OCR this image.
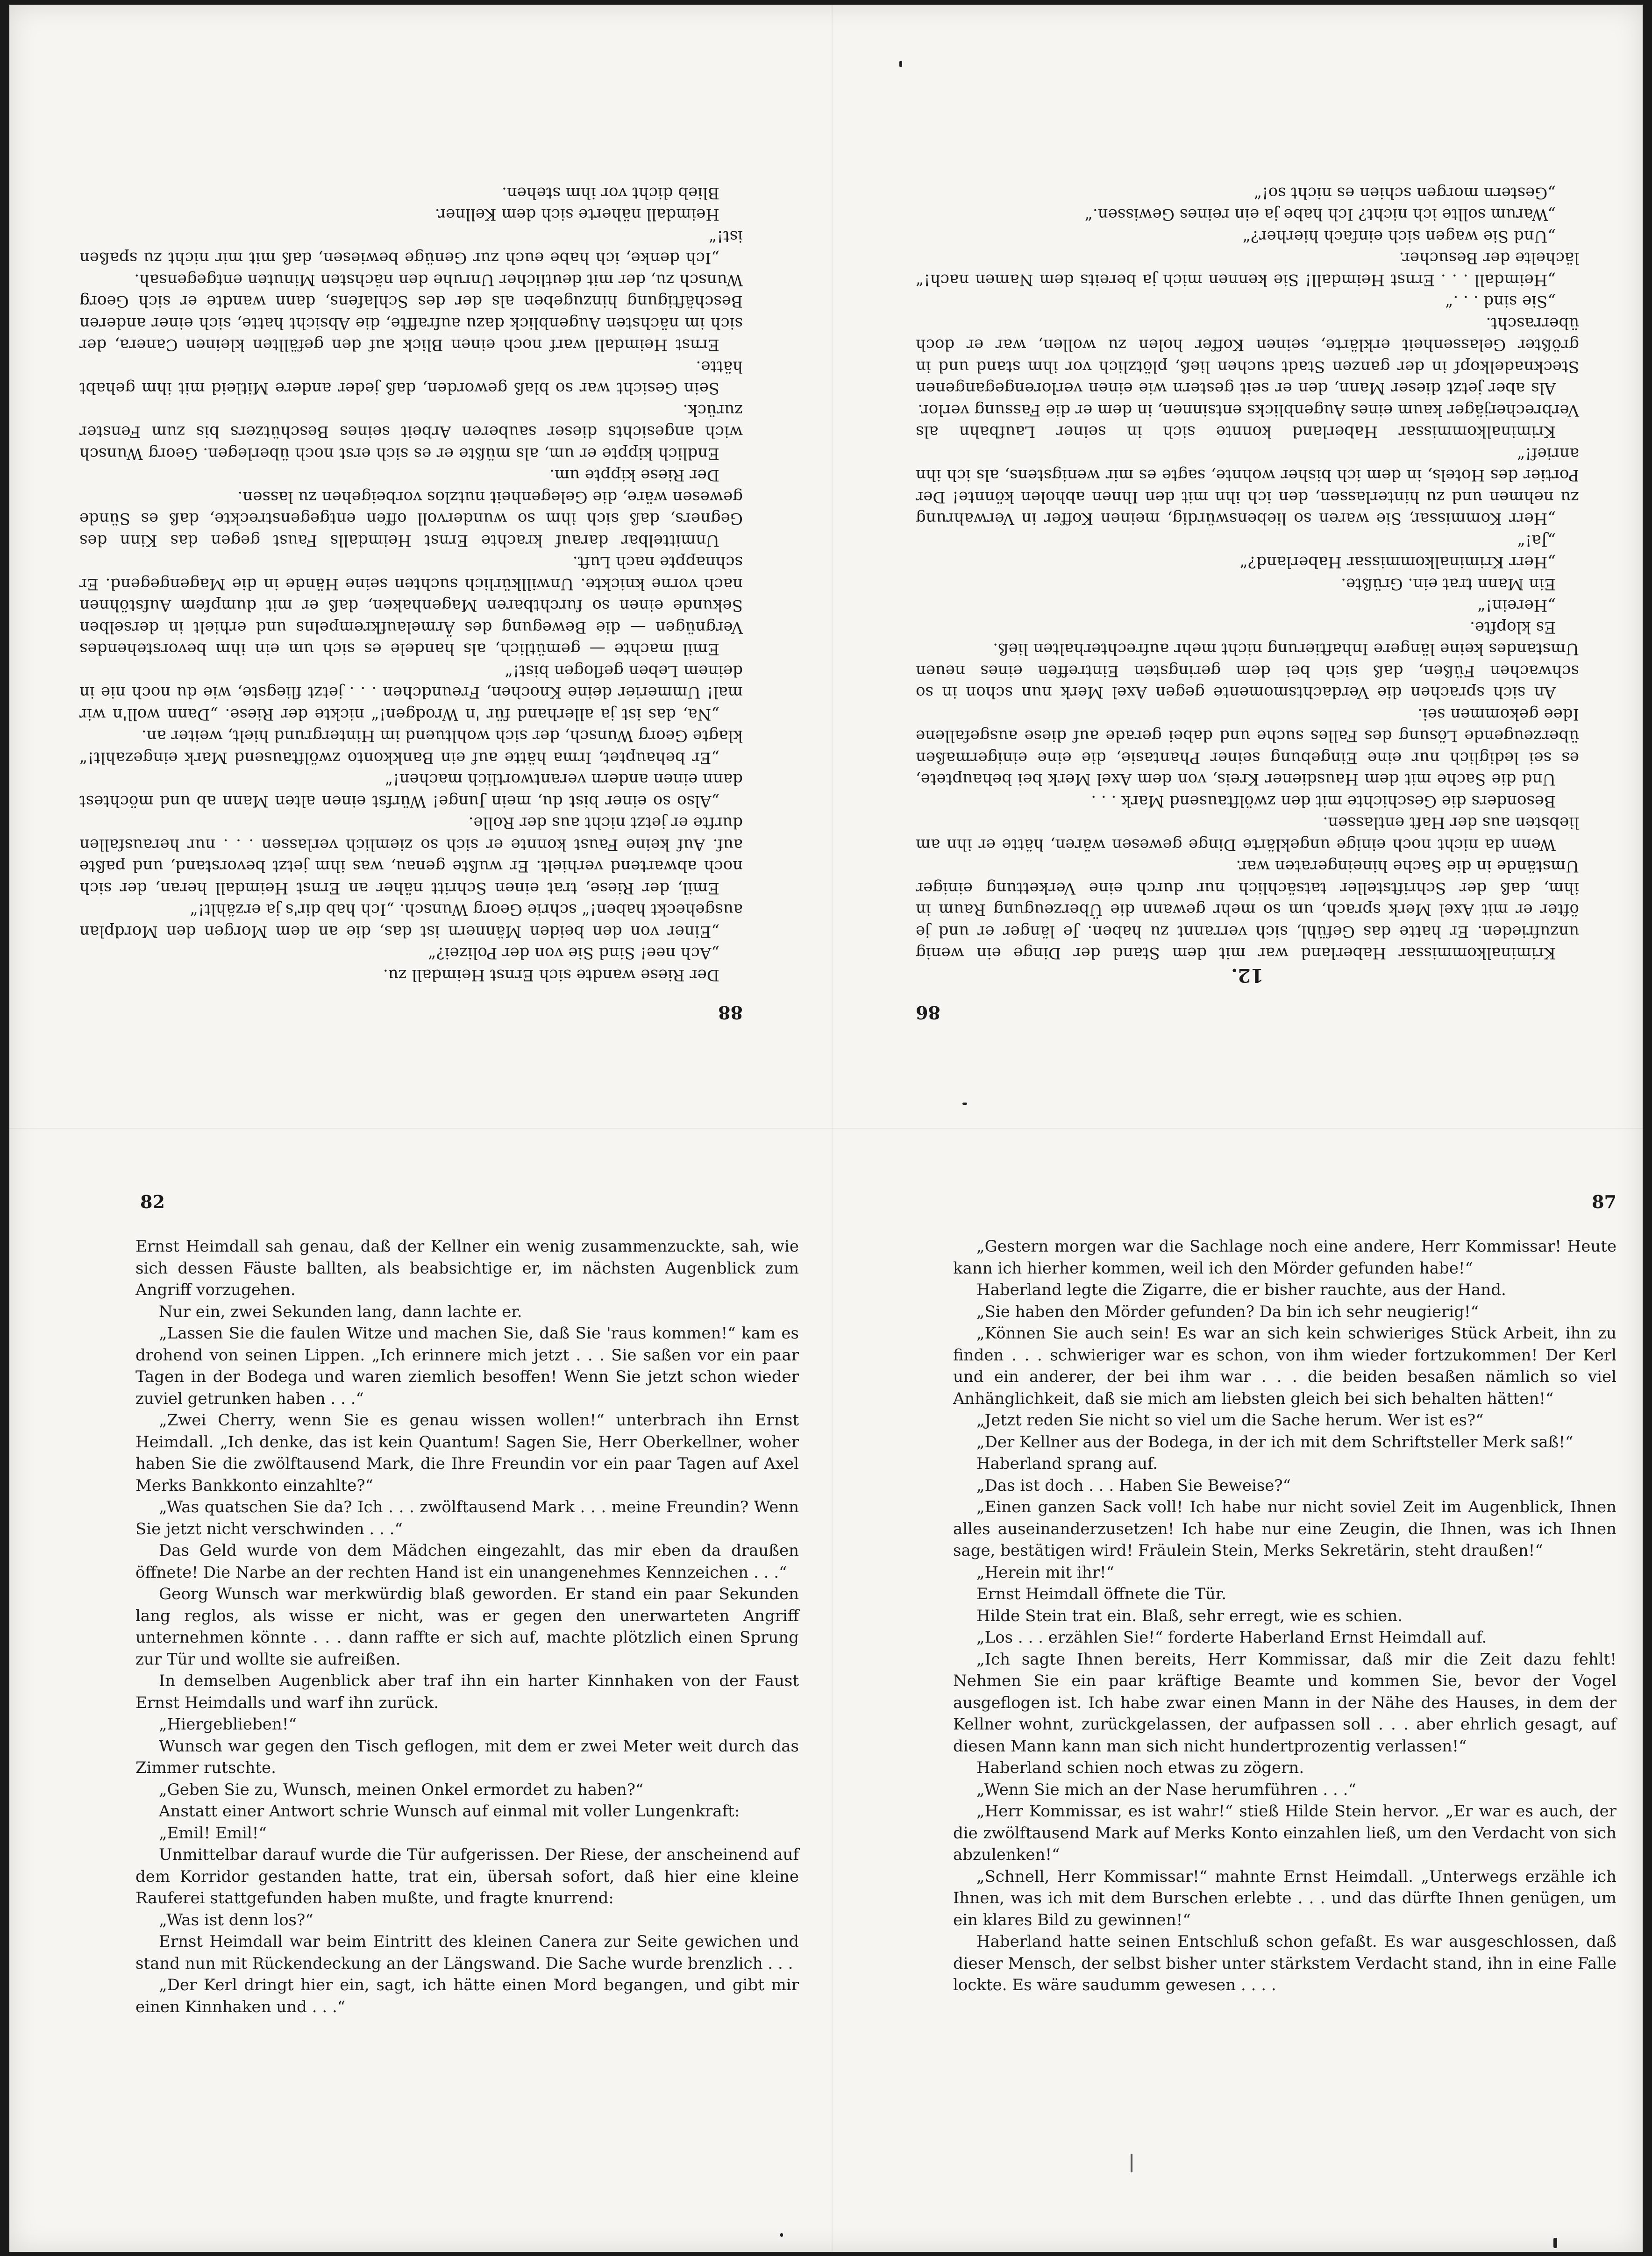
88

Der Riese wandte sich Ernst Heimdall zu.

„Ach nee! Sind Sie von der Polizei?“

„Einer von den beiden Männern ist das, die an dem Morgen den Mordplan ausgeheckt haben!“ schrie Georg Wunsch. „Ich hab dir's ja erzählt!“

Emil, der Riese, trat einen Schritt näher an Ernst Heimdall heran, der sich noch abwartend verhielt. Er wußte genau, was ihm jetzt bevorstand, und paßte auf. Auf keine Faust konnte er sich so ziemlich verlassen . . . nur herausfallen durfte er jetzt nicht aus der Rolle.

„Also so einer bist du, mein Junge! Würfst einen alten Mann ab und möchtest dann einen andern verantwortlich machen!“

„Er behauptet, Irma hätte auf ein Bankkonto zwölftausend Mark eingezahlt!“ klagte Georg Wunsch, der sich wohltuend im Hintergrund hielt, weiter an.

„Na, das ist ja allerhand für 'n Wrodgen!“ nickte der Riese. „Dann woll'n wir mal! Ummerier deine Knochen, Freundchen . . . jetzt fliegste, wie du noch nie in deinem Leben geflogen bist!“

Emil machte — gemütlich, als handele es sich um ein ihm bevorstehendes Vergnügen — die Bewegung des Ärmelaufkrempelns und erhielt in derselben Sekunde einen so furchtbaren Magenhaken, daß er mit dumpfem Aufstöhnen nach vorne knickte. Unwillkürlich suchten seine Hände in die Magengegend. Er schnappte nach Luft.

Unmittelbar darauf krachte Ernst Heimdalls Faust gegen das Kinn des Gegners, daß sich ihm so wundervoll offen entgegenstreckte, daß es Sünde gewesen wäre, die Gelegenheit nutzlos vorbeigehen zu lassen.

Der Riese kippte um.

Endlich kippte er um, als müßte er es sich erst noch überlegen. Georg Wunsch wich angesichts dieser sauberen Arbeit seines Beschützers bis zum Fenster zurück.

Sein Gesicht war so blaß geworden, daß jeder andere Mitleid mit ihm gehabt hätte.

Ernst Heimdall warf noch einen Blick auf den gefällten kleinen Canera, der sich im nächsten Augenblick dazu aufraffte, die Absicht hatte, sich einer anderen Beschäftigung hinzugeben als der des Schlafens, dann wandte er sich Georg Wunsch zu, der mit deutlicher Unruhe den nächsten Minuten entgegensah.

„Ich denke, ich habe euch zur Genüge bewiesen, daß mit mir nicht zu spaßen ist!“

Heimdall näherte sich dem Kellner.

Blieb dicht vor ihm stehen.

86

12.

Kriminalkommissar Haberland war mit dem Stand der Dinge ein wenig unzufrieden. Er hatte das Gefühl, sich verrannt zu haben. Je länger er und je öfter er mit Axel Merk sprach, um so mehr gewann die Überzeugung Raum in ihm, daß der Schriftsteller tatsächlich nur durch eine Verkettung einiger Umstände in die Sache hineingeraten war.

Wenn da nicht noch einige ungeklärte Dinge gewesen wären, hätte er ihn am liebsten aus der Haft entlassen.

Besonders die Geschichte mit den zwölftausend Mark . . .

Und die Sache mit dem Hausdiener Kreis, von dem Axel Merk bei behauptete, es sei lediglich nur eine Eingebung seiner Phantasie, die eine einigermaßen überzeugende Lösung des Falles suche und dabei gerade auf diese ausgefallene Idee gekommen sei.

An sich sprachen die Verdachtsmomente gegen Axel Merk nun schon in so schwachen Füßen, daß sich bei dem geringsten Eintreffen eines neuen Umstandes keine längere Inhaftierung nicht mehr aufrechterhalten ließ.

Es klopfte.

„Herein!“

Ein Mann trat ein. Grüßte.

„Herr Kriminalkommissar Haberland?“

„Ja!“

„Herr Kommissar, Sie waren so liebenswürdig, meinen Koffer in Verwahrung zu nehmen und zu hinterlassen, den ich ihn mit den Ihnen abholen könnte! Der Portier des Hotels, in dem ich bisher wohnte, sagte es mir wenigstens, als ich ihn anrief!“

Kriminalkommissar Haberland konnte sich in seiner Laufbahn als Verbrecherjäger kaum eines Augenblicks entsinnen, in dem er die Fassung verlor.

Als aber jetzt dieser Mann, den er seit gestern wie einen verlorengegangenen Stecknadelkopf in der ganzen Stadt suchen ließ, plötzlich vor ihm stand und in größter Gelassenheit erklärte, seinen Koffer holen zu wollen, war er doch überrascht.

„Sie sind . . .“

„Heimdall . . . Ernst Heimdall! Sie kennen mich ja bereits dem Namen nach!“ lächelte der Besucher.

„Und Sie wagen sich einfach hierher?“

„Warum sollte ich nicht? Ich habe ja ein reines Gewissen.“

„Gestern morgen schien es nicht so!“

82

Ernst Heimdall sah genau, daß der Kellner ein wenig zusammenzuckte, sah, wie sich dessen Fäuste ballten, als beabsichtige er, im nächsten Augenblick zum Angriff vorzugehen.

Nur ein, zwei Sekunden lang, dann lachte er.

„Lassen Sie die faulen Witze und machen Sie, daß Sie 'raus kommen!“ kam es drohend von seinen Lippen. „Ich erinnere mich jetzt . . . Sie saßen vor ein paar Tagen in der Bodega und waren ziemlich besoffen! Wenn Sie jetzt schon wieder zuviel getrunken haben . . .“

„Zwei Cherry, wenn Sie es genau wissen wollen!“ unterbrach ihn Ernst Heimdall. „Ich denke, das ist kein Quantum! Sagen Sie, Herr Oberkellner, woher haben Sie die zwölftausend Mark, die Ihre Freundin vor ein paar Tagen auf Axel Merks Bankkonto einzahlte?“

„Was quatschen Sie da? Ich . . . zwölftausend Mark . . . meine Freundin? Wenn Sie jetzt nicht verschwinden . . .“

Das Geld wurde von dem Mädchen eingezahlt, das mir eben da draußen öffnete! Die Narbe an der rechten Hand ist ein unangenehmes Kennzeichen . . .“

Georg Wunsch war merkwürdig blaß geworden. Er stand ein paar Sekunden lang reglos, als wisse er nicht, was er gegen den unerwarteten Angriff unternehmen könnte . . . dann raffte er sich auf, machte plötzlich einen Sprung zur Tür und wollte sie aufreißen.

In demselben Augenblick aber traf ihn ein harter Kinnhaken von der Faust Ernst Heimdalls und warf ihn zurück.

„Hiergeblieben!“

Wunsch war gegen den Tisch geflogen, mit dem er zwei Meter weit durch das Zimmer rutschte.

„Geben Sie zu, Wunsch, meinen Onkel ermordet zu haben?“

Anstatt einer Antwort schrie Wunsch auf einmal mit voller Lungenkraft:

„Emil! Emil!“

Unmittelbar darauf wurde die Tür aufgerissen. Der Riese, der anscheinend auf dem Korridor gestanden hatte, trat ein, übersah sofort, daß hier eine kleine Rauferei stattgefunden haben mußte, und fragte knurrend:

„Was ist denn los?“

Ernst Heimdall war beim Eintritt des kleinen Canera zur Seite gewichen und stand nun mit Rückendeckung an der Längswand. Die Sache wurde brenzlich . . .

„Der Kerl dringt hier ein, sagt, ich hätte einen Mord begangen, und gibt mir einen Kinnhaken und . . .“

87

„Gestern morgen war die Sachlage noch eine andere, Herr Kommissar! Heute kann ich hierher kommen, weil ich den Mörder gefunden habe!“

Haberland legte die Zigarre, die er bisher rauchte, aus der Hand.

„Sie haben den Mörder gefunden? Da bin ich sehr neugierig!“

„Können Sie auch sein! Es war an sich kein schwieriges Stück Arbeit, ihn zu finden . . . schwieriger war es schon, von ihm wieder fortzukommen! Der Kerl und ein anderer, der bei ihm war . . . die beiden besaßen nämlich so viel Anhänglichkeit, daß sie mich am liebsten gleich bei sich behalten hätten!“

„Jetzt reden Sie nicht so viel um die Sache herum. Wer ist es?“

„Der Kellner aus der Bodega, in der ich mit dem Schriftsteller Merk saß!“

Haberland sprang auf.

„Das ist doch . . . Haben Sie Beweise?“

„Einen ganzen Sack voll! Ich habe nur nicht soviel Zeit im Augenblick, Ihnen alles auseinanderzusetzen! Ich habe nur eine Zeugin, die Ihnen, was ich Ihnen sage, bestätigen wird! Fräulein Stein, Merks Sekretärin, steht draußen!“

„Herein mit ihr!“

Ernst Heimdall öffnete die Tür.

Hilde Stein trat ein. Blaß, sehr erregt, wie es schien.

„Los . . . erzählen Sie!“ forderte Haberland Ernst Heimdall auf.

„Ich sagte Ihnen bereits, Herr Kommissar, daß mir die Zeit dazu fehlt! Nehmen Sie ein paar kräftige Beamte und kommen Sie, bevor der Vogel ausgeflogen ist. Ich habe zwar einen Mann in der Nähe des Hauses, in dem der Kellner wohnt, zurückgelassen, der aufpassen soll . . . aber ehrlich gesagt, auf diesen Mann kann man sich nicht hundertprozentig verlassen!“

Haberland schien noch etwas zu zögern.

„Wenn Sie mich an der Nase herumführen . . .“

„Herr Kommissar, es ist wahr!“ stieß Hilde Stein hervor. „Er war es auch, der die zwölftausend Mark auf Merks Konto einzahlen ließ, um den Verdacht von sich abzulenken!“

„Schnell, Herr Kommissar!“ mahnte Ernst Heimdall. „Unterwegs erzähle ich Ihnen, was ich mit dem Burschen erlebte . . . und das dürfte Ihnen genügen, um ein klares Bild zu gewinnen!“

Haberland hatte seinen Entschluß schon gefaßt. Es war ausgeschlossen, daß dieser Mensch, der selbst bisher unter stärkstem Verdacht stand, ihn in eine Falle lockte. Es wäre saudumm gewesen . . . .
